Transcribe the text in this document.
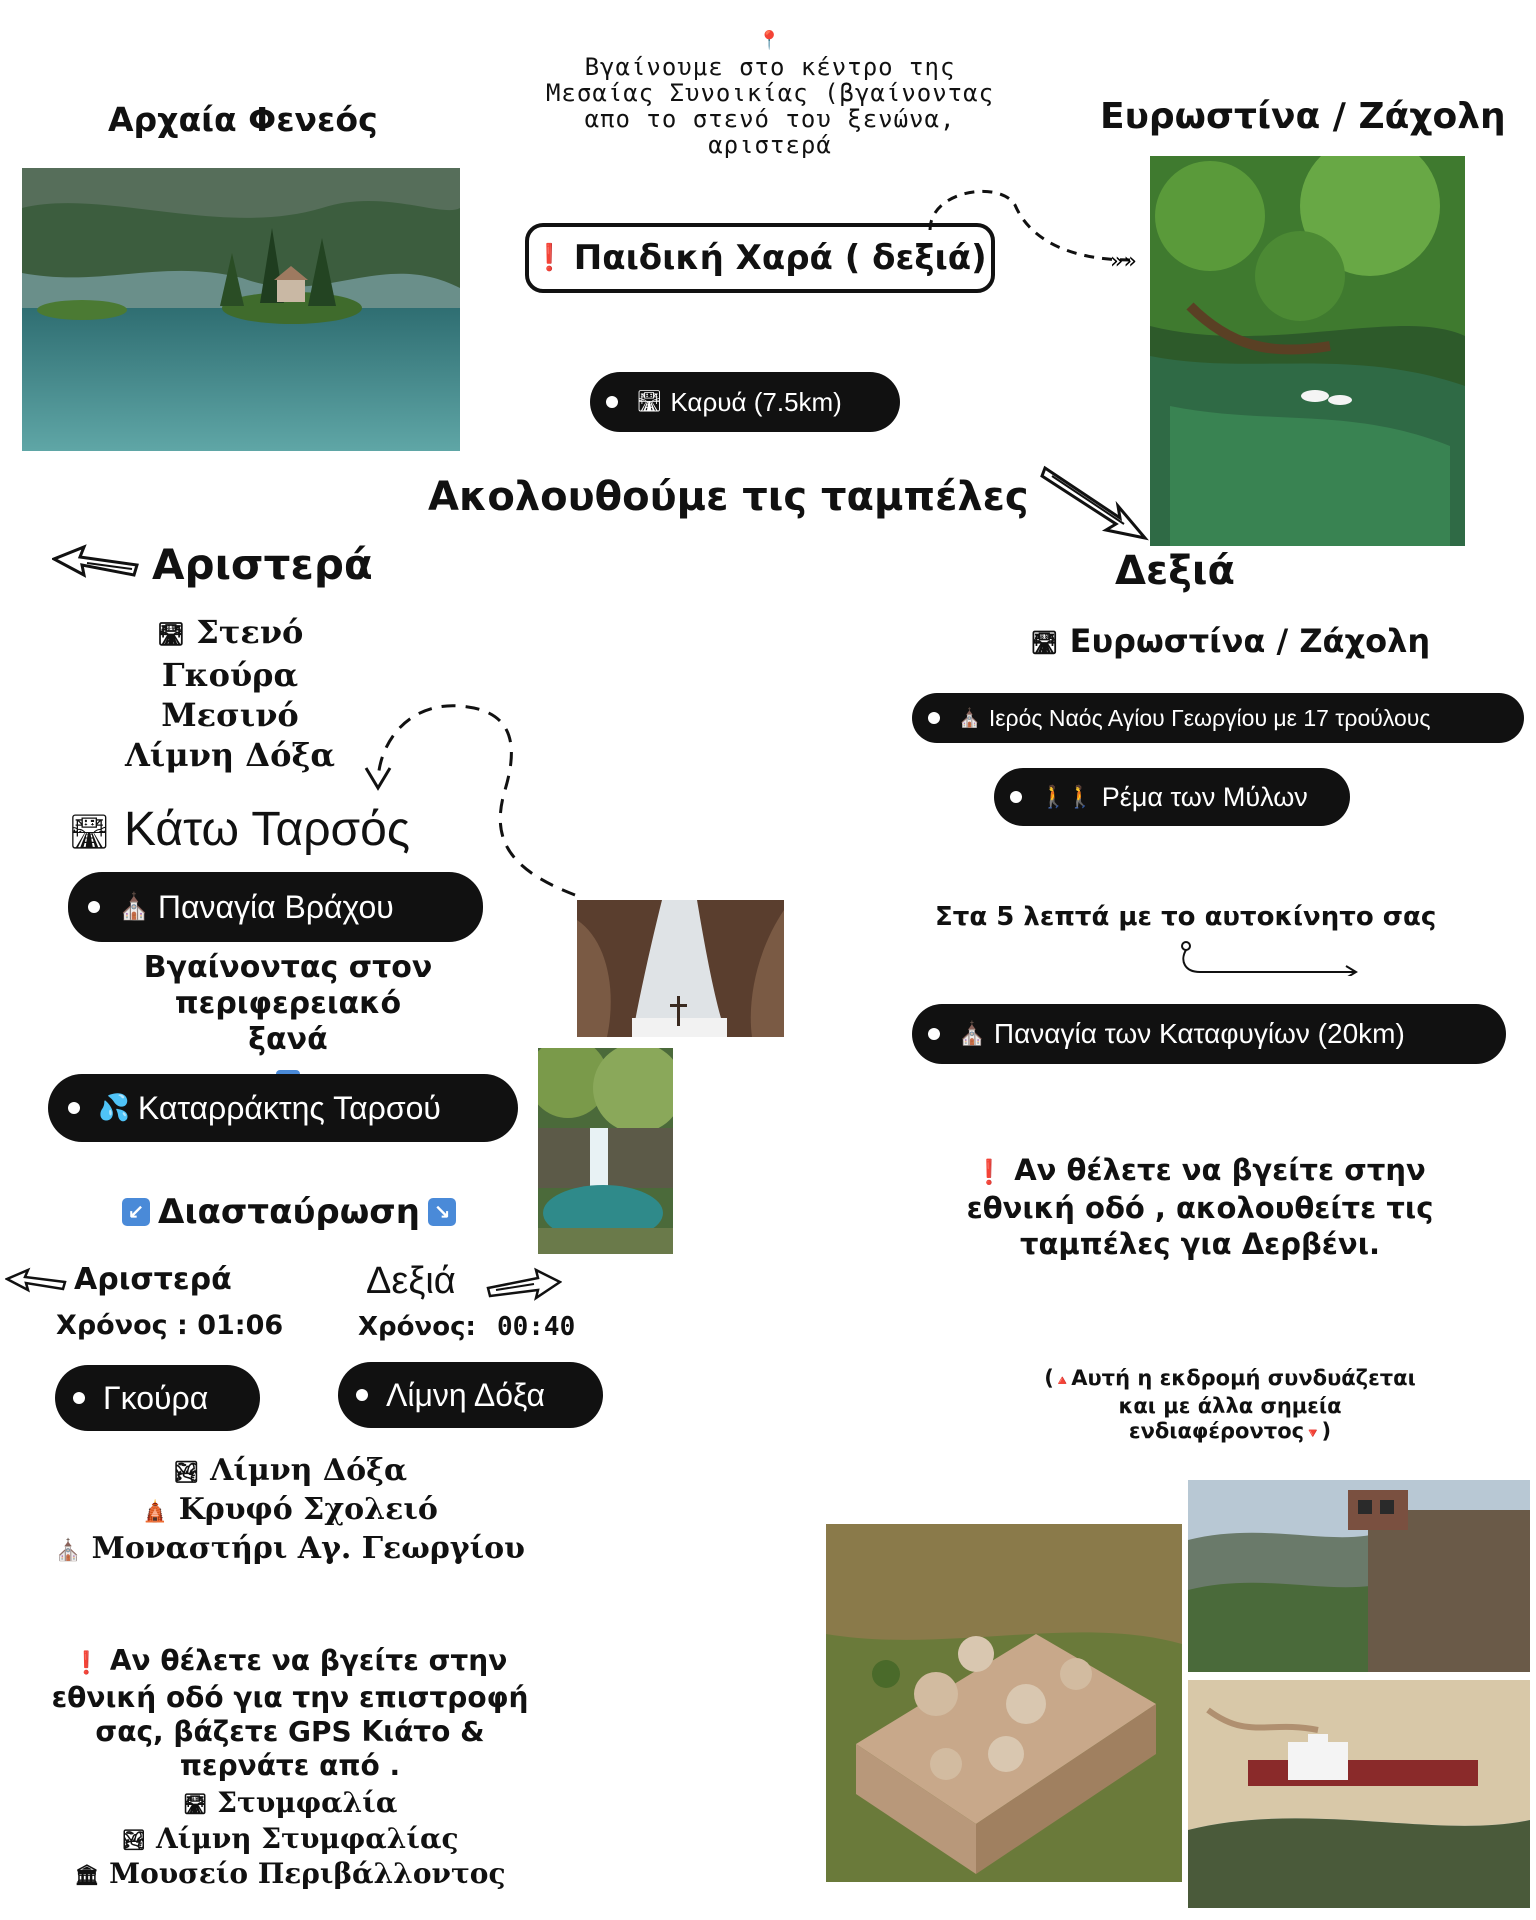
📍
Βγαίνουμε στο κέντρο της
Μεσαίας Συνοικίας (βγαίνοντας
απο το στενό του ξενώνα,
αριστερά
Αρχαία Φενεός	Ευρωστίνα / Ζάχολη
❗ Παιδική Χαρά ( δεξιά)	»»
🛣 Καρυά (7.5km)
Ακολουθούμε τις ταμπέλες
Δεξιά
Αριστερά
🛣 Στενό
Γκούρα
Μεσινό
Λίμνη Δόξα
🛣 Κάτω Ταρσός
⛪ Παναγία Βράχου
Βγαίνοντας στον περιφερειακό
ξανά
💦 Καταρράκτης Ταρσού
↙ Διασταύρωση ↘
Αριστερά
Χρόνος : 01:06
Γκούρα
Δεξιά
Χρόνος: 00:40
Λίμνη Δόξα
🏞 Λίμνη Δόξα
🛕 Κρυφό Σχολειό
⛪ Μοναστήρι Αγ. Γεωργίου
❗ Αν θέλετε να βγείτε στην
εθνική οδό για την επιστροφή
σας, βάζετε GPS Κιάτο &
περνάτε από .
🛣 Στυμφαλία
🏞 Λίμνη Στυμφαλίας
🏛 Μουσείο Περιβάλλοντος
🛣 Ευρωστίνα / Ζάχολη
⛪ Ιερός Ναός Αγίου Γεωργίου με 17 τρούλους
🚶🚶 Ρέμα των Μύλων
Στα 5 λεπτά με το αυτοκίνητο σας
⛪ Παναγία των Καταφυγίων (20km)
❗ Αν θέλετε να βγείτε στην
εθνική οδό , ακολουθείτε τις
ταμπέλες για Δερβένι.
(🔺Αυτή η εκδρομή συνδυάζεται
και με άλλα σημεία
ενδιαφέροντος🔻)
